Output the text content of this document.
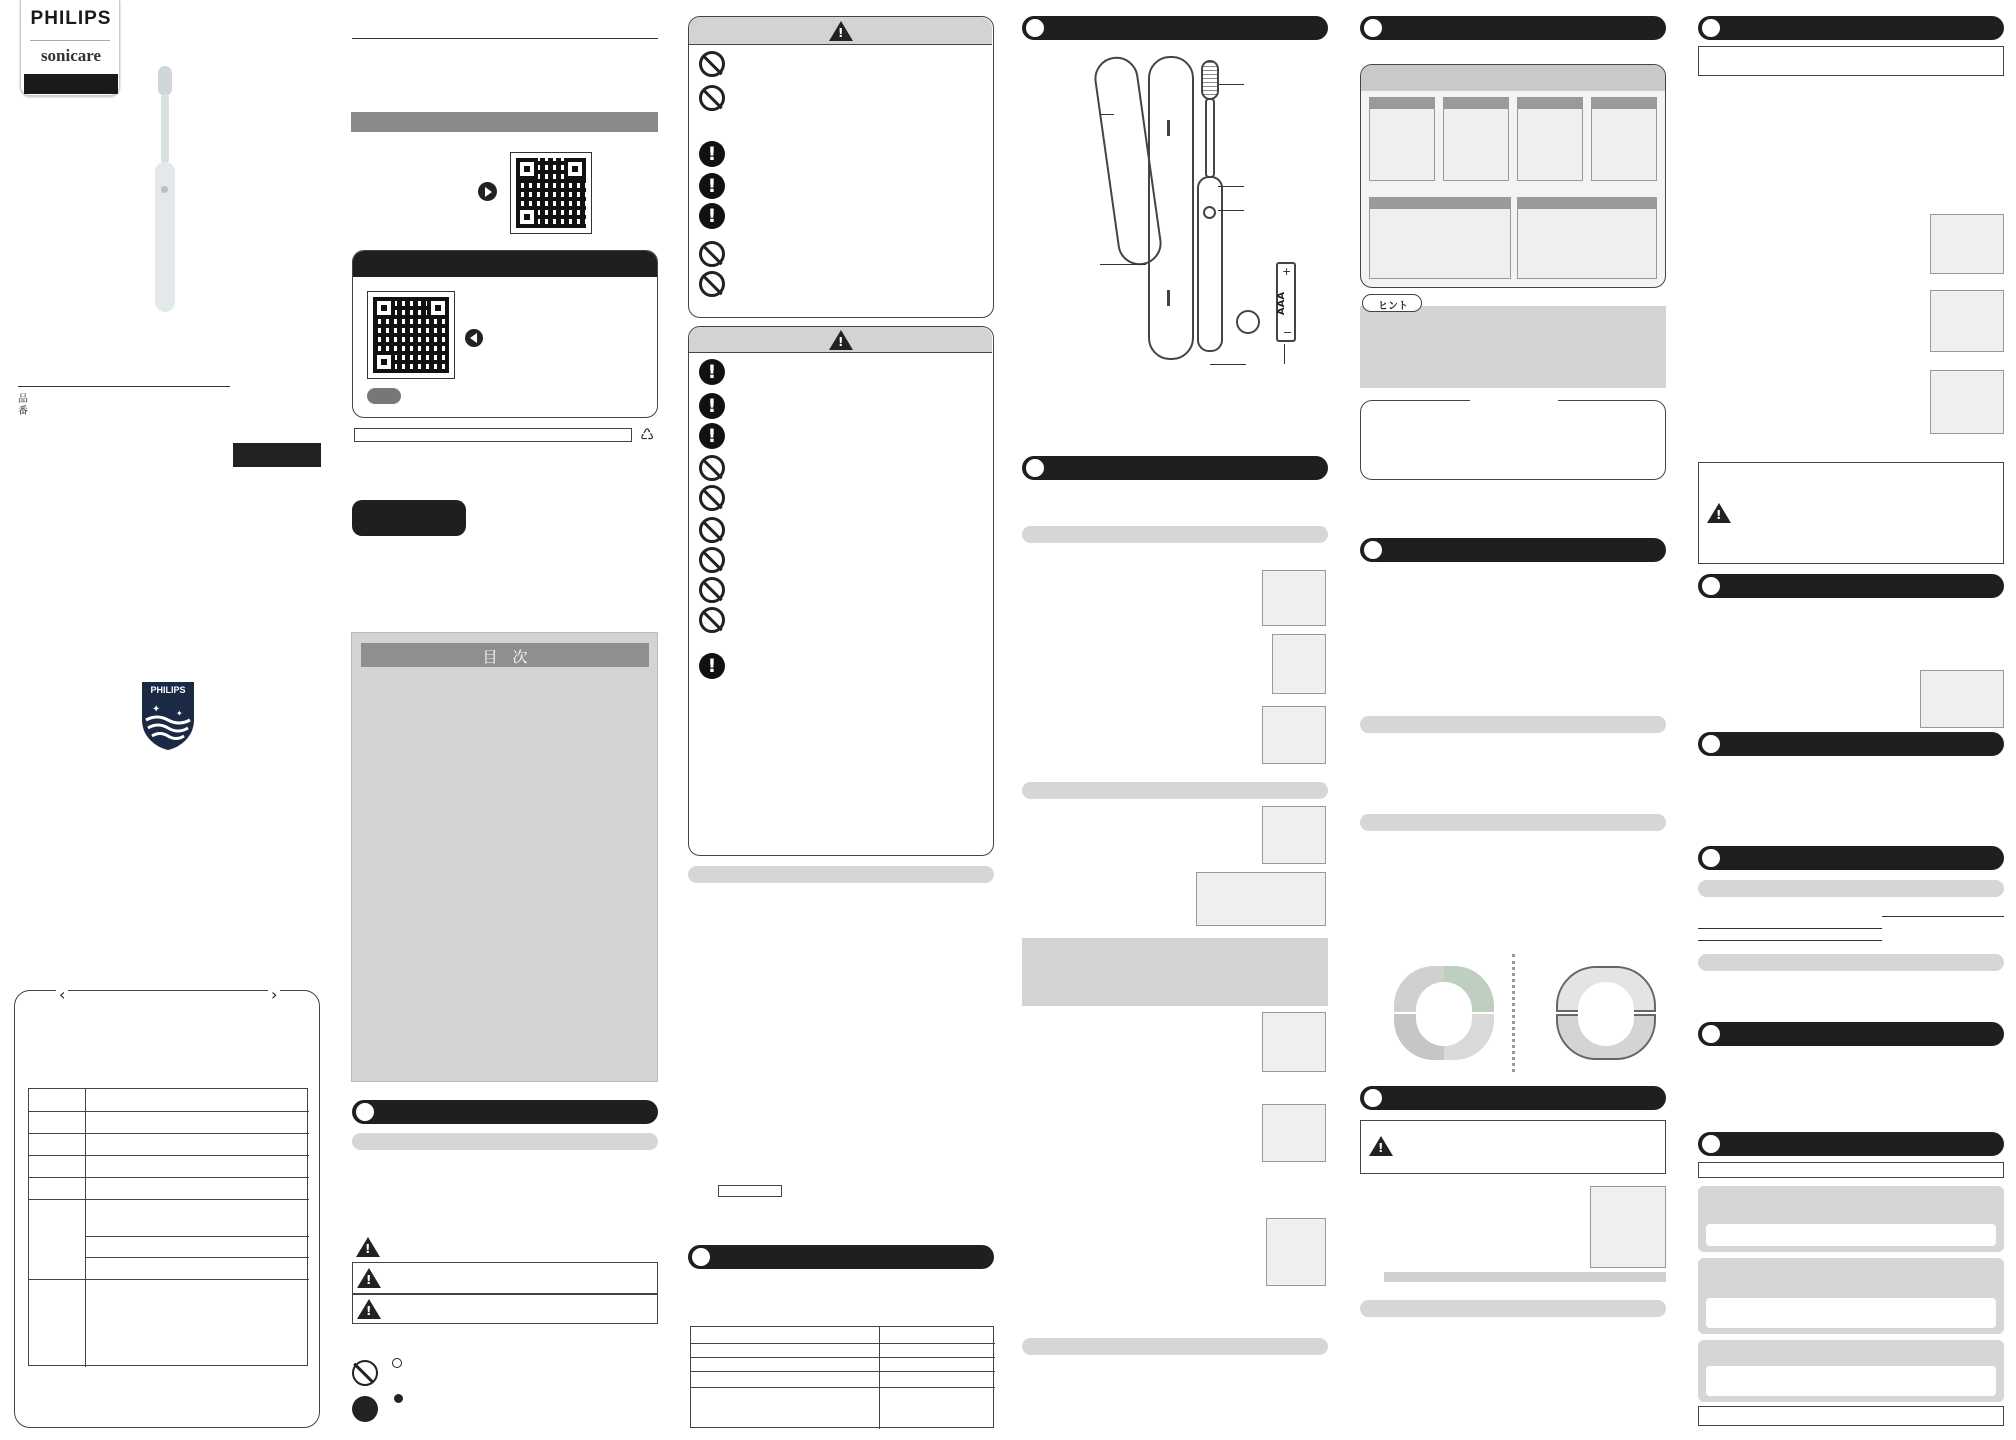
PHILIPS
sonicare
品
番
✦ ✦
PHILIPS
‹	›
♺
目　次
!
!
!
!
!
!
!
!
!
!
!
!
+
AAA
−
ヒント
!
!
